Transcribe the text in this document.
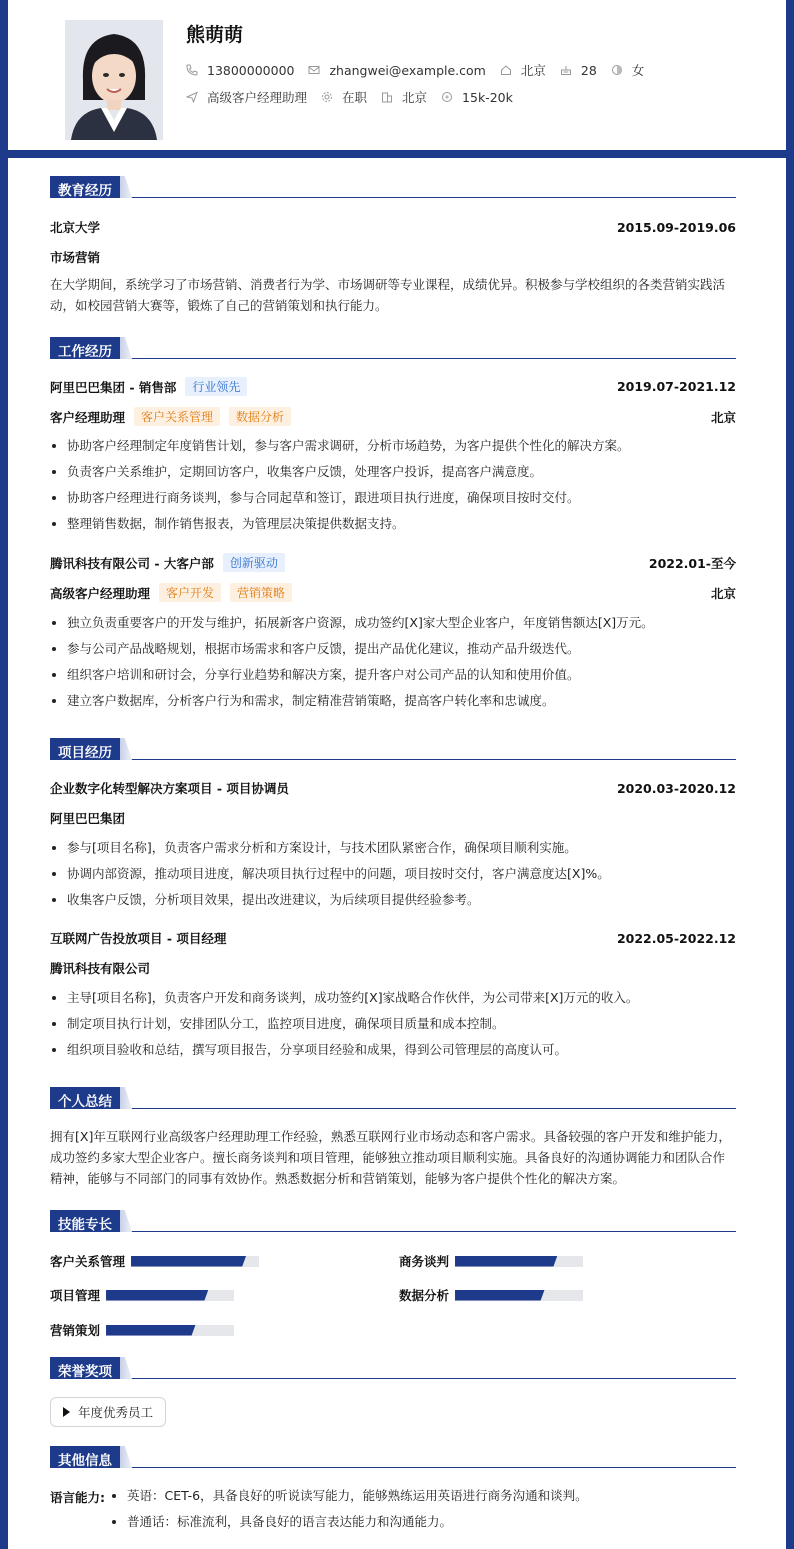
熊萌萌
13800000000	zhangwei@example.com	北京	28	女
高级客户经理助理	在职	北京	15k-20k
教育经历
北京大学	2015.09-2019.06
市场营销
在大学期间，系统学习了市场营销、消费者行为学、市场调研等专业课程，成绩优异。积极参与学校组织的各类营销实践活动，如校园营销大赛等，锻炼了自己的营销策划和执行能力。
工作经历
阿里巴巴集团 - 销售部	行业领先	2019.07-2021.12
客户经理助理	客户关系管理	数据分析	北京
协助客户经理制定年度销售计划，参与客户需求调研，分析市场趋势，为客户提供个性化的解决方案。
负责客户关系维护，定期回访客户，收集客户反馈，处理客户投诉，提高客户满意度。
协助客户经理进行商务谈判，参与合同起草和签订，跟进项目执行进度，确保项目按时交付。
整理销售数据，制作销售报表，为管理层决策提供数据支持。
腾讯科技有限公司 - 大客户部	创新驱动	2022.01-至今
高级客户经理助理	客户开发	营销策略	北京
独立负责重要客户的开发与维护，拓展新客户资源，成功签约[X]家大型企业客户，年度销售额达[X]万元。
参与公司产品战略规划，根据市场需求和客户反馈，提出产品优化建议，推动产品升级迭代。
组织客户培训和研讨会，分享行业趋势和解决方案，提升客户对公司产品的认知和使用价值。
建立客户数据库，分析客户行为和需求，制定精准营销策略，提高客户转化率和忠诚度。
项目经历
企业数字化转型解决方案项目 - 项目协调员	2020.03-2020.12
阿里巴巴集团
参与[项目名称]，负责客户需求分析和方案设计，与技术团队紧密合作，确保项目顺利实施。
协调内部资源，推动项目进度，解决项目执行过程中的问题，项目按时交付，客户满意度达[X]%。
收集客户反馈，分析项目效果，提出改进建议，为后续项目提供经验参考。
互联网广告投放项目 - 项目经理	2022.05-2022.12
腾讯科技有限公司
主导[项目名称]，负责客户开发和商务谈判，成功签约[X]家战略合作伙伴，为公司带来[X]万元的收入。
制定项目执行计划，安排团队分工，监控项目进度，确保项目质量和成本控制。
组织项目验收和总结，撰写项目报告，分享项目经验和成果，得到公司管理层的高度认可。
个人总结
拥有[X]年互联网行业高级客户经理助理工作经验，熟悉互联网行业市场动态和客户需求。具备较强的客户开发和维护能力，成功签约多家大型企业客户。擅长商务谈判和项目管理，能够独立推动项目顺利实施。具备良好的沟通协调能力和团队合作精神，能够与不同部门的同事有效协作。熟悉数据分析和营销策划，能够为客户提供个性化的解决方案。
技能专长
客户关系管理	商务谈判
项目管理	数据分析
营销策划
荣誉奖项
年度优秀员工
其他信息
语言能力:	英语：CET-6，具备良好的听说读写能力，能够熟练运用英语进行商务沟通和谈判。
普通话：标准流利，具备良好的语言表达能力和沟通能力。
